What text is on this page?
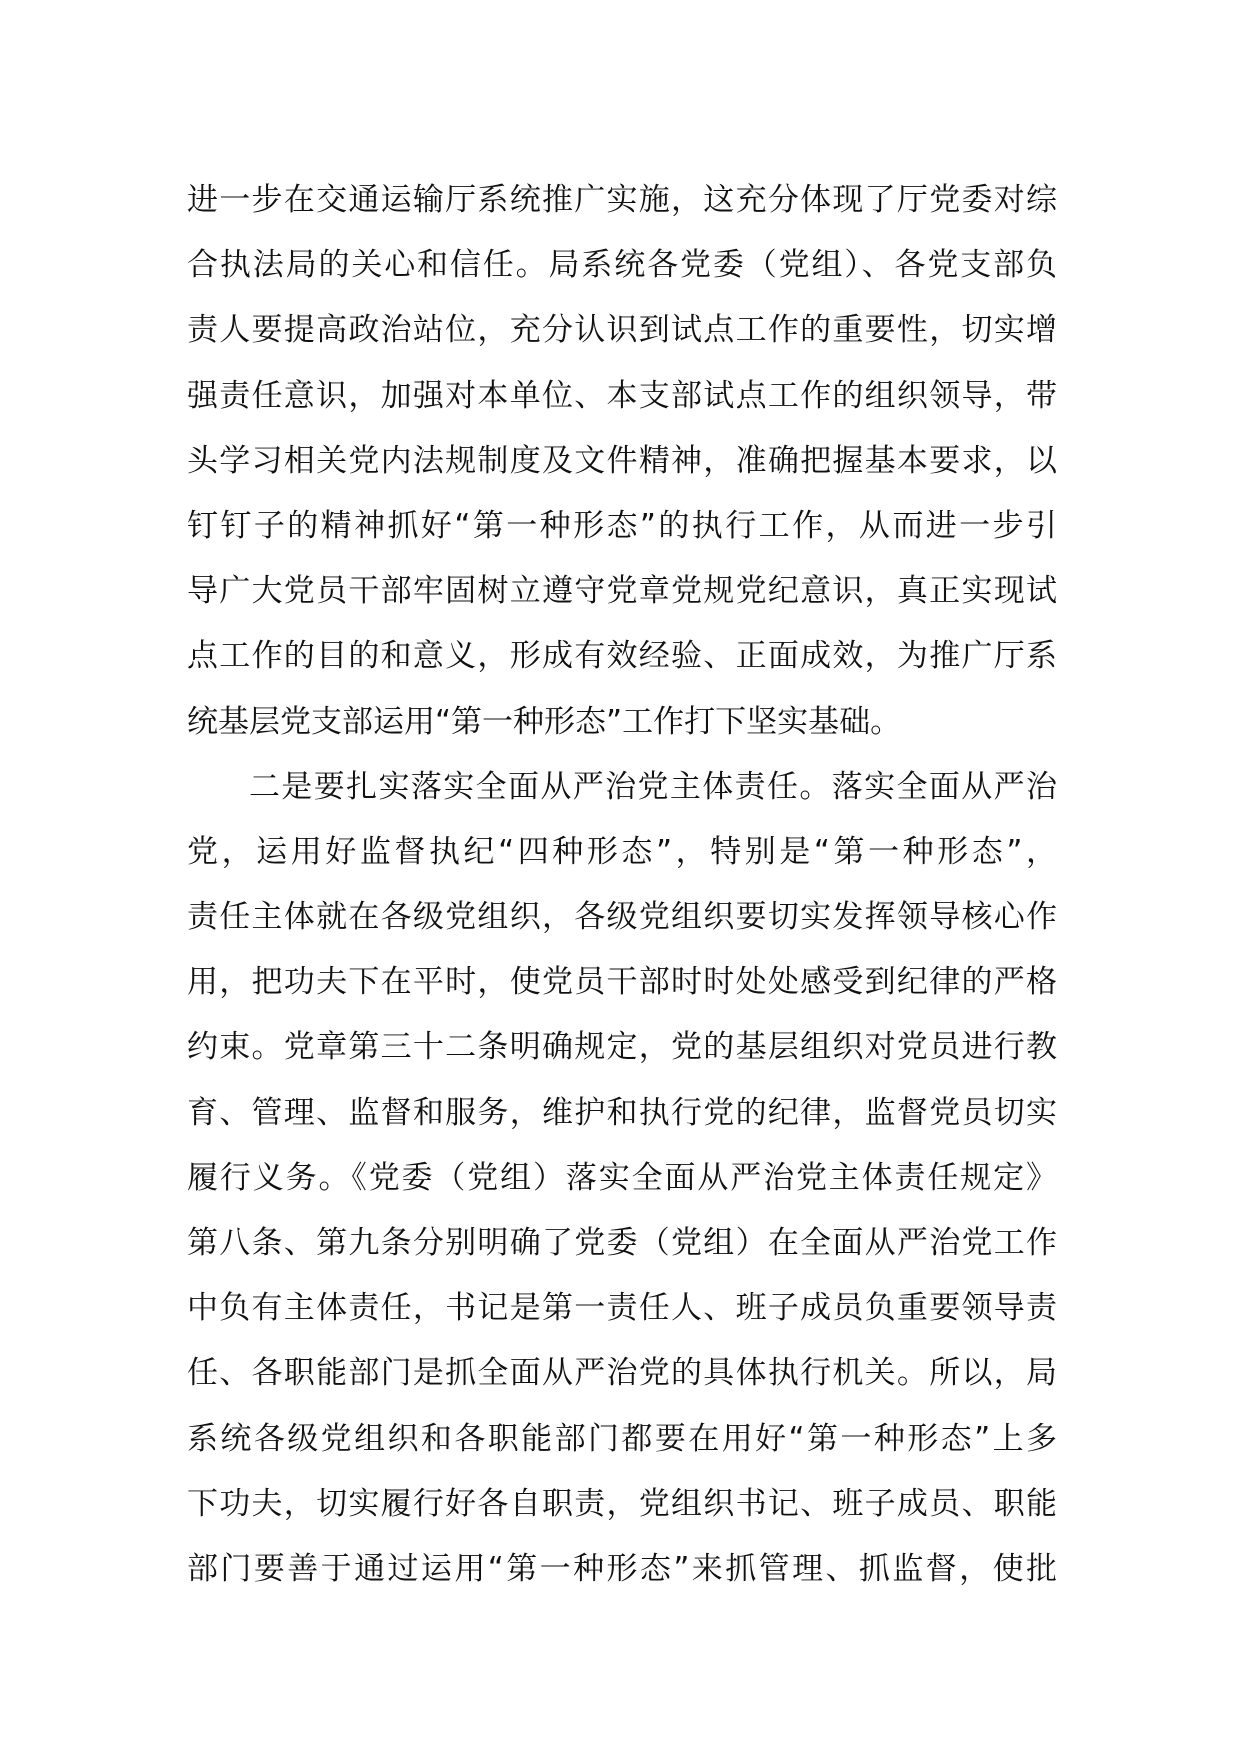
进一步在交通运输厅系统推广实施，这充分体现了厅党委对综
合执法局的关心和信任。局系统各党委（党组）、各党支部负
责人要提高政治站位，充分认识到试点工作的重要性，切实增
强责任意识，加强对本单位、本支部试点工作的组织领导，带
头学习相关党内法规制度及文件精神，准确把握基本要求，以
钉钉子的精神抓好“第一种形态”的执行工作，从而进一步引
导广大党员干部牢固树立遵守党章党规党纪意识，真正实现试
点工作的目的和意义，形成有效经验、正面成效，为推广厅系
统基层党支部运用“第一种形态”工作打下坚实基础。
二是要扎实落实全面从严治党主体责任。落实全面从严治
党，运用好监督执纪“四种形态”，特别是“第一种形态”，
责任主体就在各级党组织，各级党组织要切实发挥领导核心作
用，把功夫下在平时，使党员干部时时处处感受到纪律的严格
约束。党章第三十二条明确规定，党的基层组织对党员进行教
育、管理、监督和服务，维护和执行党的纪律，监督党员切实
履行义务。《党委（党组）落实全面从严治党主体责任规定》
第八条、第九条分别明确了党委（党组）在全面从严治党工作
中负有主体责任，书记是第一责任人、班子成员负重要领导责
任、各职能部门是抓全面从严治党的具体执行机关。所以，局
系统各级党组织和各职能部门都要在用好“第一种形态”上多
下功夫，切实履行好各自职责，党组织书记、班子成员、职能
部门要善于通过运用“第一种形态”来抓管理、抓监督，使批
